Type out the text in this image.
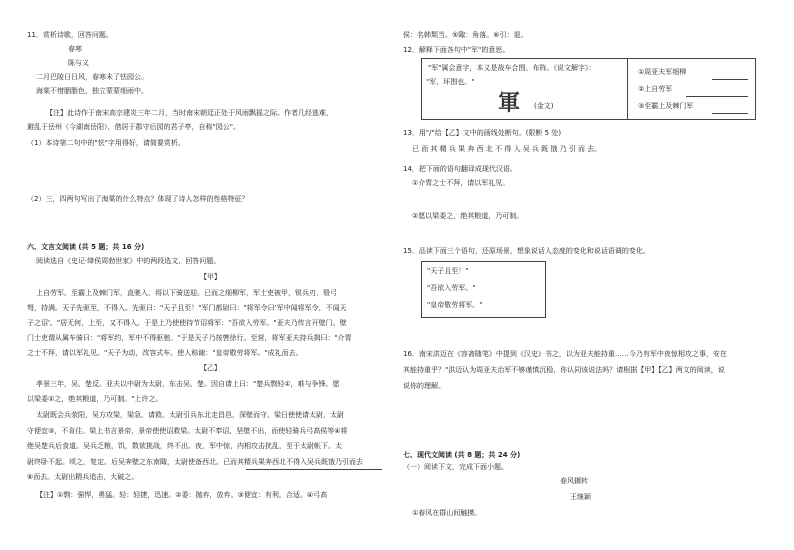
11．赏析诗歌，回答问题。
春寒
陈与义
二月巴陵日日风，春寒未了怯园公。
海棠不惜胭脂色，独立蒙蒙细雨中。
【注】此诗作于南宋高宗建炎三年二月，当时南宋朝廷正处于风雨飘摇之际。作者几经逃难，
避乱于岳州（今湖南岳阳），借居于郡守后园的君子亭，自称"园公"。
（1）本诗第二句中的"怯"字用得好，请简要赏析。
（2）三，四两句写出了海棠的什么特点？体现了诗人怎样的性格特征？
六、文言文阅读 (共 5 题；共 16 分)
阅读选自《史记·绛侯周勃世家》中的两段选文，回答问题。
【甲】
上自劳军。至霸上及棘门军，直驰入，将以下骑送迎。已而之细柳军，军士吏被甲，锐兵刃，彀弓
弩，持满。天子先驱至，不得入。先驱曰："天子且至！"军门都尉曰："将军令曰'军中闻将军令，不闻天
子之诏'。"居无何，上至，又不得入。于是上乃使使持节诏将军："吾欲入劳军。"亚夫乃传言开壁门。壁
门士吏谓从属车骑曰："将军约，军中不得驱驰。"于是天子乃按辔徐行。至营，将军亚夫持兵揖曰："介胄
之士不拜，请以军礼见。"天子为动，改容式车。使人称谢："皇帝敬劳将军。"成礼而去。
【乙】
孝景三年，吴、楚反。亚夫以中尉为太尉，东击吴、楚。因自请上曰："楚兵剽轻①，难与争锋。愿
以梁委②之，绝其粮道，乃可制。"上许之。
太尉既会兵荥阳，吴方攻梁，梁急，请救。太尉引兵东北走昌邑，深壁而守。梁日使使请太尉，太尉
守便宜③，不肯往。梁上书言景帝，景帝使使诏救梁。太尉不奉诏，坚壁不出，而使轻骑兵弓高侯等④将
绝吴楚兵后食道。吴兵乏粮，饥，数欲挑战，终不出。夜，军中惊，内相攻击扰乱，至于太尉帐下。太
尉终卧不起。顷之，复定。后吴奔壁之东南陬，太尉使备西北。已而其精兵果奔西北不得入吴兵既饿乃引而去
⑥而去。太尉出精兵追击，大破之。
【注】①剽：强悍，勇猛。轻：轻捷，迅速。②委：抛弃，放弃。③便宜：有利，合适。④弓高
侯：名韩颓当。⑤陬：角落。⑥引：退。
12．解释下面各句中"军"的意思。
"军"属会意字，本义是战车合围、布阵。《说文解字》：
"军，环围也。"
軍 (金文)
①周亚夫军细柳
②上自劳军
③至霸上及棘门军
13．用"/"给【乙】文中的画线处断句。(限断 5 处)
已 而 其 精 兵 果 奔 西 北 不 得 入 吴 兵 既 饿 乃 引 而 去。
14．把下面的语句翻译成现代汉语。
①介胄之士不拜，请以军礼见。
②愿以梁委之，绝其粮道，乃可制。
15．品读下面三个语句，还原场景，想象说话人态度的变化和说话语调的变化。
"天子且至！"
"吾欲入劳军。"
"皇帝敬劳将军。"
16．南宋洪迈在《容斋随笔》中提到《汉史》书之，以为亚夫能持重……今乃有军中夜惊相攻之事，安在
其能持重乎？"洪迈认为周亚夫治军不够谨慎沉稳，你认同该说法吗？请根据【甲】【乙】两文的阅读，说
说你的理解。
七、现代文阅读 (共 8 题；共 24 分)
（一）阅读下文，完成下面小题。
春风辗转
王继颖
①春风在群山间触摸。
